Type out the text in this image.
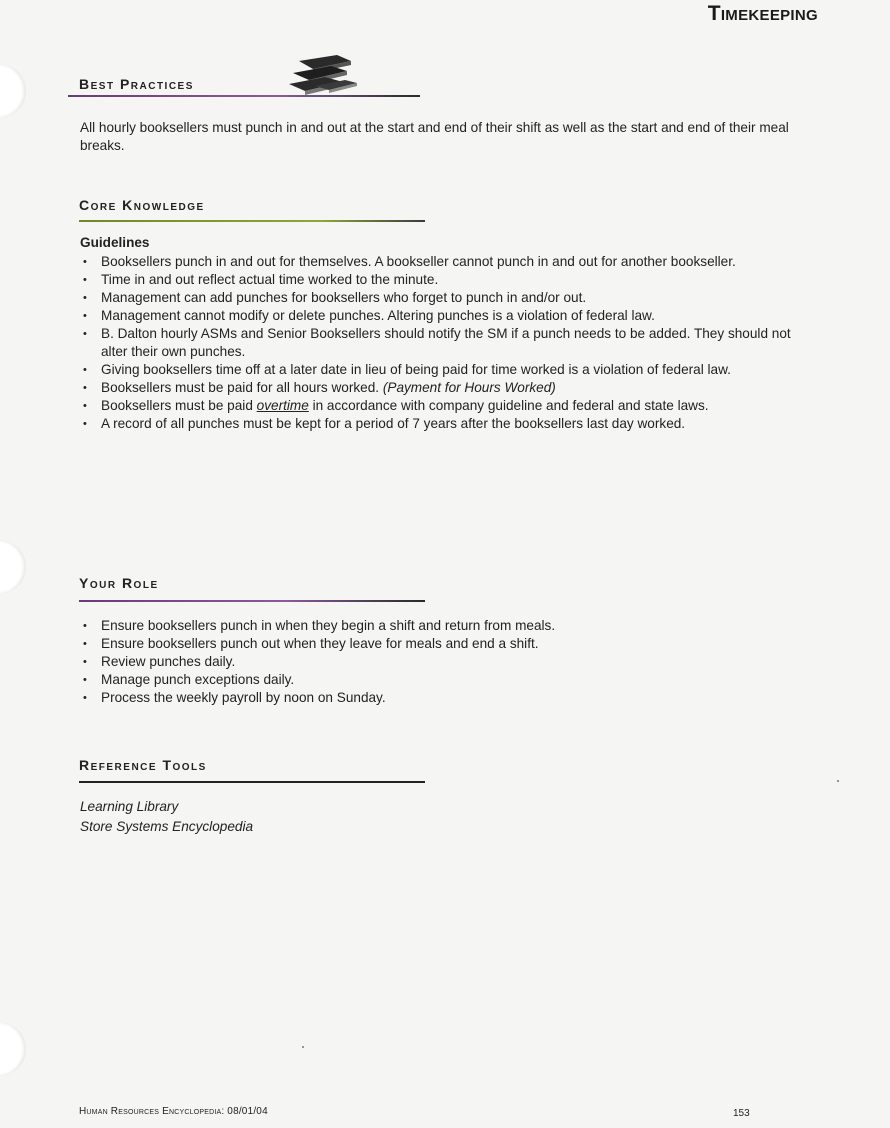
Timekeeping
Best Practices
All hourly booksellers must punch in and out at the start and end of their shift as well as the start and end of their meal breaks.
Core Knowledge
Guidelines
• Booksellers punch in and out for themselves. A bookseller cannot punch in and out for another bookseller.
• Time in and out reflect actual time worked to the minute.
• Management can add punches for booksellers who forget to punch in and/or out.
• Management cannot modify or delete punches. Altering punches is a violation of federal law.
• B. Dalton hourly ASMs and Senior Booksellers should notify the SM if a punch needs to be added. They should not alter their own punches.
• Giving booksellers time off at a later date in lieu of being paid for time worked is a violation of federal law.
• Booksellers must be paid for all hours worked. (Payment for Hours Worked)
• Booksellers must be paid overtime in accordance with company guideline and federal and state laws.
• A record of all punches must be kept for a period of 7 years after the booksellers last day worked.
Your Role
• Ensure booksellers punch in when they begin a shift and return from meals.
• Ensure booksellers punch out when they leave for meals and end a shift.
• Review punches daily.
• Manage punch exceptions daily.
• Process the weekly payroll by noon on Sunday.
Reference Tools
Learning Library
Store Systems Encyclopedia
Human Resources Encyclopedia: 08/01/04	153
